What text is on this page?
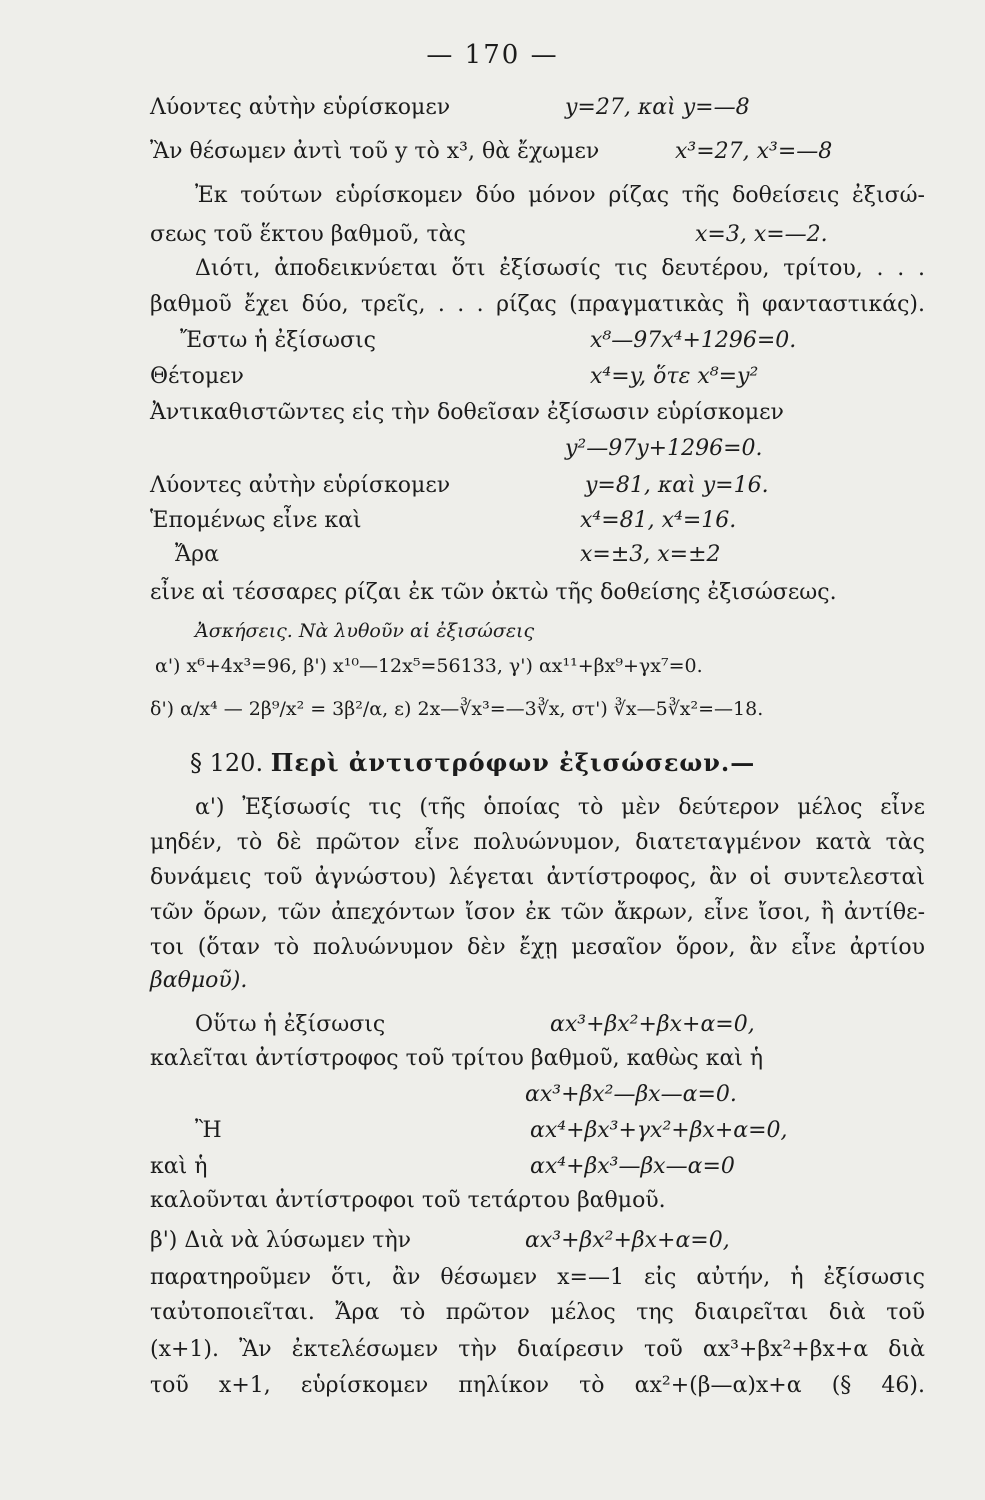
— 170 —
Λύοντες αὐτὴν εὑρίσκομεν	y=27, καὶ y=—8
Ἂν θέσωμεν ἀντὶ τοῦ y τὸ x³, θὰ ἔχωμεν	x³=27, x³=—8
Ἐκ τούτων εὑρίσκομεν δύο μόνον ρίζας τῆς δοθείσεις ἐξισώ-
σεως τοῦ ἕκτου βαθμοῦ, τὰς	x=3, x=—2.
Διότι, ἀποδεικνύεται ὅτι ἐξίσωσίς τις δευτέρου, τρίτου, . . .
βαθμοῦ ἔχει δύο, τρεῖς, . . . ρίζας (πραγματικὰς ἢ φανταστικάς).
Ἔστω ἡ ἐξίσωσις	x⁸—97x⁴+1296=0.
Θέτομεν	x⁴=y, ὅτε x⁸=y²
Ἀντικαθιστῶντες εἰς τὴν δοθεῖσαν ἐξίσωσιν εὑρίσκομεν
y²—97y+1296=0.
Λύοντες αὐτὴν εὑρίσκομεν	y=81, καὶ y=16.
Ἑπομένως εἶνε καὶ	x⁴=81, x⁴=16.
Ἄρα	x=±3, x=±2
εἶνε αἱ τέσσαρες ρίζαι ἐκ τῶν ὀκτὼ τῆς δοθείσης ἐξισώσεως.
Ἀσκήσεις. Νὰ λυθοῦν αἱ ἐξισώσεις
α') x⁶+4x³=96, β') x¹⁰—12x⁵=56133, γ') αx¹¹+βx⁹+γx⁷=0.
δ') α/x⁴ — 2β⁹/x² = 3β²/α, ε) 2x—∛x³=—3∛x, στ') ∛x—5∛x²=—18.
§ 120. Περὶ ἀντιστρόφων ἐξισώσεων.—
α') Ἐξίσωσίς τις (τῆς ὁποίας τὸ μὲν δεύτερον μέλος εἶνε
μηδέν, τὸ δὲ πρῶτον εἶνε πολυώνυμον, διατεταγμένον κατὰ τὰς
δυνάμεις τοῦ ἀγνώστου) λέγεται ἀντίστροφος, ἂν οἱ συντελεσταὶ
τῶν ὅρων, τῶν ἀπεχόντων ἴσον ἐκ τῶν ἄκρων, εἶνε ἴσοι, ἢ ἀντίθε-
τοι (ὅταν τὸ πολυώνυμον δὲν ἔχῃ μεσαῖον ὅρον, ἂν εἶνε ἀρτίου
βαθμοῦ).
Οὕτω ἡ ἐξίσωσις	αx³+βx²+βx+α=0,
καλεῖται ἀντίστροφος τοῦ τρίτου βαθμοῦ, καθὼς καὶ ἡ
αx³+βx²—βx—α=0.
Ἢ	αx⁴+βx³+γx²+βx+α=0,
καὶ ἡ	αx⁴+βx³—βx—α=0
καλοῦνται ἀντίστροφοι τοῦ τετάρτου βαθμοῦ.
β') Διὰ νὰ λύσωμεν τὴν	αx³+βx²+βx+α=0,
παρατηροῦμεν ὅτι, ἂν θέσωμεν x=—1 εἰς αὐτήν, ἡ ἐξίσωσις
ταὐτοποιεῖται. Ἄρα τὸ πρῶτον μέλος της διαιρεῖται διὰ τοῦ
(x+1). Ἂν ἐκτελέσωμεν τὴν διαίρεσιν τοῦ αx³+βx²+βx+α διὰ
τοῦ x+1, εὑρίσκομεν πηλίκον τὸ αx²+(β—α)x+α (§ 46).
